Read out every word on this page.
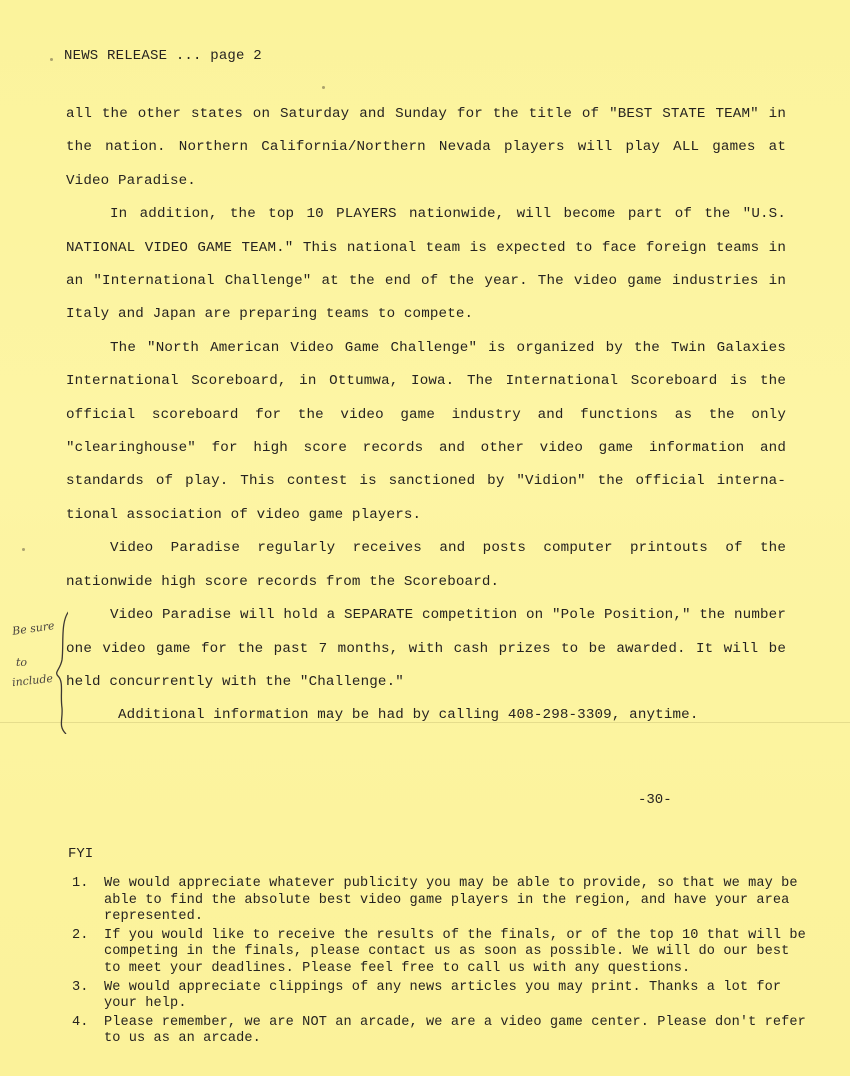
NEWS RELEASE ... page 2

all the other states on Saturday and Sunday for the title of "BEST STATE TEAM" in the nation. Northern California/Northern Nevada players will play ALL games at Video Paradise.

In addition, the top 10 PLAYERS nationwide, will become part of the "U.S. NATIONAL VIDEO GAME TEAM." This national team is expected to face foreign teams in an "International Challenge" at the end of the year. The video game industries in Italy and Japan are preparing teams to compete.

The "North American Video Game Challenge" is organized by the Twin Galaxies International Scoreboard, in Ottumwa, Iowa. The International Scoreboard is the official scoreboard for the video game industry and functions as the only "clearinghouse" for high score records and other video game information and standards of play. This contest is sanctioned by "Vidion" the official interna-tional association of video game players.

Video Paradise regularly receives and posts computer printouts of the nationwide high score records from the Scoreboard.

Video Paradise will hold a SEPARATE competition on "Pole Position," the number one video game for the past 7 months, with cash prizes to be awarded. It will be held concurrently with the "Challenge."

Additional information may be had by calling 408-298-3309, anytime.

Be sure
to
include
-30-
FYI
1.	We would appreciate whatever publicity you may be able to provide, so that we may be able to find the absolute best video game players in the region, and have your area represented.
2.	If you would like to receive the results of the finals, or of the top 10 that will be competing in the finals, please contact us as soon as possible. We will do our best to meet your deadlines. Please feel free to call us with any questions.
3.	We would appreciate clippings of any news articles you may print. Thanks a lot for your help.
4.	Please remember, we are NOT an arcade, we are a video game center. Please don't refer to us as an arcade.
